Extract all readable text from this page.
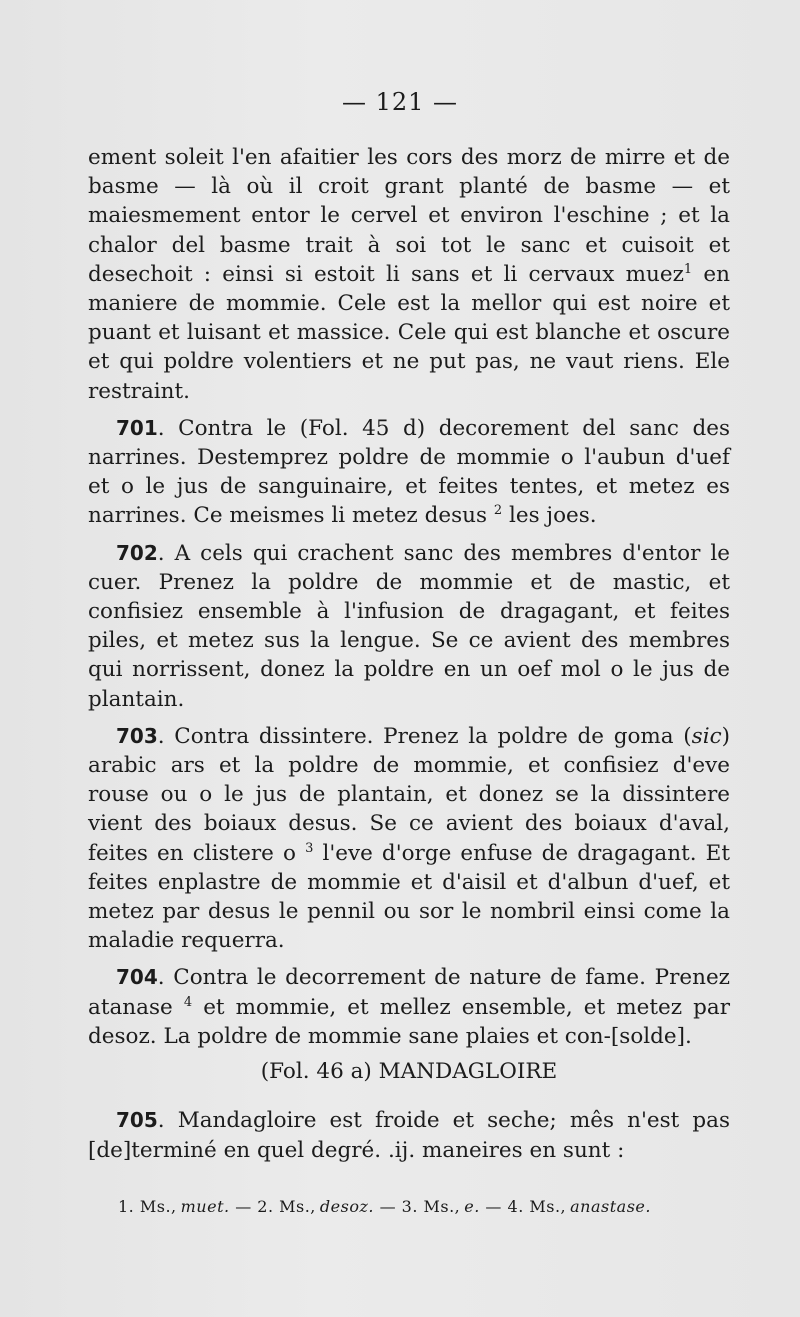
— 121 —

ement soleit l'en afaitier les cors des morz de mirre et de basme — là où il croit grant planté de basme — et maiesmement entor le cervel et environ l'eschine ; et la chalor del basme trait à soi tot le sanc et cuisoit et desechoit : einsi si estoit li sans et li cervaux muez$^1$ en maniere de mommie. Cele est la mellor qui est noire et puant et luisant et massice. Cele qui est blanche et oscure et qui poldre volentiers et ne put pas, ne vaut riens. Ele restraint.

701. Contra le (Fol. 45 d) decorement del sanc des narrines. Destemprez poldre de mommie o l'aubun d'uef et o le jus de sanguinaire, et feites tentes, et metez es narrines. Ce meismes li metez desus $^2$ les joes.

702. A cels qui crachent sanc des membres d'entor le cuer. Prenez la poldre de mommie et de mastic, et confisiez ensemble à l'infusion de dragagant, et feites piles, et metez sus la lengue. Se ce avient des membres qui norrissent, donez la poldre en un oef mol o le jus de plantain.

703. Contra dissintere. Prenez la poldre de goma (sic) arabic ars et la poldre de mommie, et confisiez d'eve rouse ou o le jus de plantain, et donez se la dissintere vient des boiaux desus. Se ce avient des boiaux d'aval, feites en clistere o $^3$ l'eve d'orge enfuse de dragagant. Et feites enplastre de mommie et d'aisil et d'albun d'uef, et metez par desus le pennil ou sor le nombril einsi come la maladie requerra.

704. Contra le decorrement de nature de fame. Prenez atanase $^4$ et mommie, et mellez ensemble, et metez par desoz. La poldre de mommie sane plaies et con-[solde].

(Fol. 46 a) MANDAGLOIRE

705. Mandagloire est froide et seche; mês n'est pas [de]terminé en quel degré. .ij. maneires en sunt :

1. Ms., muet. — 2. Ms., desoz. — 3. Ms., e. — 4. Ms., anastase.
